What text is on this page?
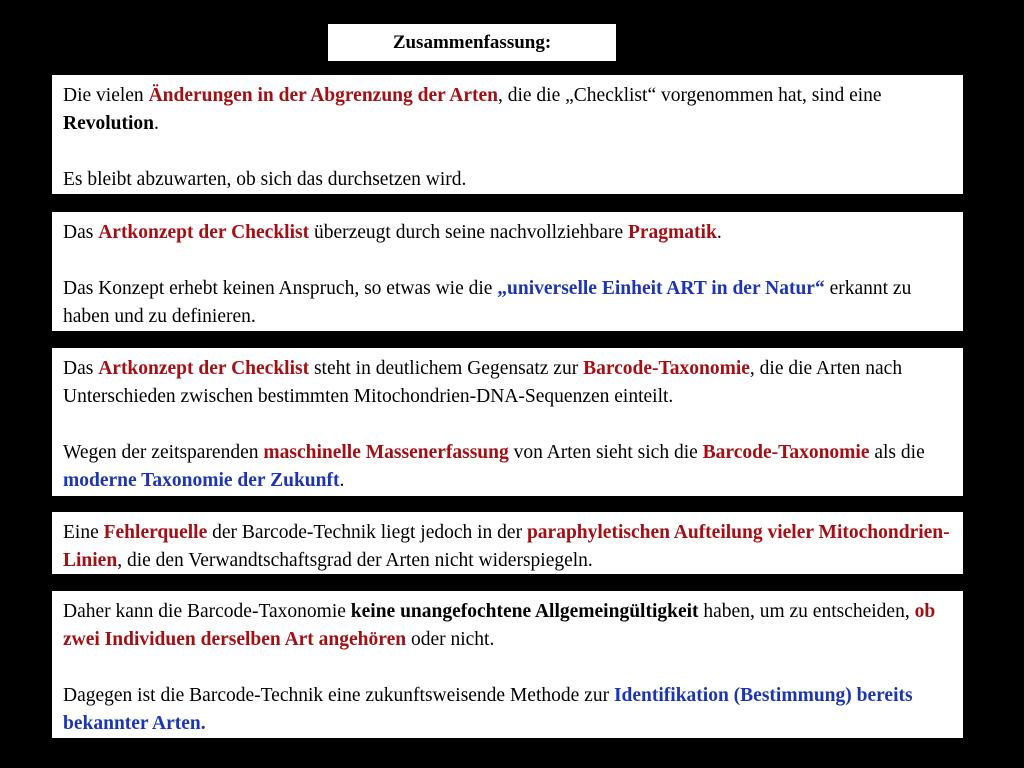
Zusammenfassung:

Die vielen Änderungen in der Abgrenzung der Arten, die die „Checklist“ vorgenommen hat, sind eine Revolution.

Es bleibt abzuwarten, ob sich das durchsetzen wird.

Das Artkonzept der Checklist überzeugt durch seine nachvollziehbare Pragmatik.

Das Konzept erhebt keinen Anspruch, so etwas wie die „universelle Einheit ART in der Natur“ erkannt zu haben und zu definieren.

Das Artkonzept der Checklist steht in deutlichem Gegensatz zur Barcode-Taxonomie, die die Arten nach Unterschieden zwischen bestimmten Mitochondrien-DNA-Sequenzen einteilt.

Wegen der zeitsparenden maschinelle Massenerfassung von Arten sieht sich die Barcode-Taxonomie als die moderne Taxonomie der Zukunft.

Eine Fehlerquelle der Barcode-Technik liegt jedoch in der paraphyletischen Aufteilung vieler Mitochondrien-Linien, die den Verwandtschaftsgrad der Arten nicht widerspiegeln.

Daher kann die Barcode-Taxonomie keine unangefochtene Allgemeingültigkeit haben, um zu entscheiden, ob zwei Individuen derselben Art angehören oder nicht.

Dagegen ist die Barcode-Technik eine zukunftsweisende Methode zur Identifikation (Bestimmung) bereits bekannter Arten.
